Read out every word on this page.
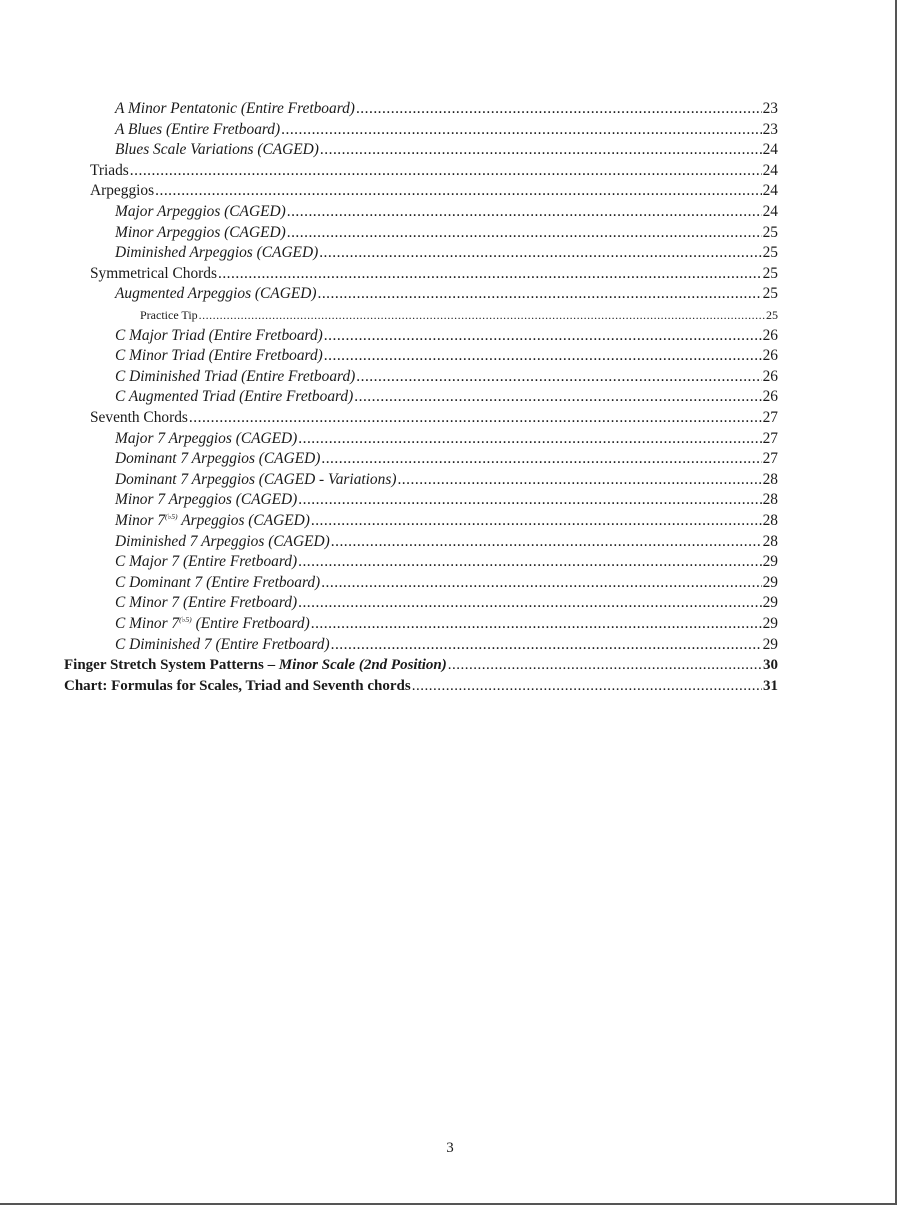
A Minor Pentatonic (Entire Fretboard) .....	23
A Blues (Entire Fretboard) .....	23
Blues Scale Variations (CAGED) .....	24
Triads .....	24
Arpeggios .....	24
Major Arpeggios (CAGED) .....	24
Minor Arpeggios (CAGED) .....	25
Diminished Arpeggios (CAGED) .....	25
Symmetrical Chords .....	25
Augmented Arpeggios (CAGED) .....	25
Practice Tip .....	25
C Major Triad (Entire Fretboard) .....	26
C Minor Triad (Entire Fretboard) .....	26
C Diminished Triad (Entire Fretboard) .....	26
C Augmented Triad (Entire Fretboard) .....	26
Seventh Chords .....	27
Major 7 Arpeggios (CAGED) .....	27
Dominant 7 Arpeggios (CAGED) .....	27
Dominant 7 Arpeggios (CAGED - Variations) .....	28
Minor 7 Arpeggios (CAGED) .....	28
Minor $7^{(♭5)}$ Arpeggios (CAGED) .....	28
Diminished 7 Arpeggios (CAGED) .....	28
C Major 7 (Entire Fretboard) .....	29
C Dominant 7 (Entire Fretboard) .....	29
C Minor 7 (Entire Fretboard) .....	29
C Minor $7^{(♭5)}$ (Entire Fretboard) .....	29
C Diminished 7 (Entire Fretboard) .....	29
Finger Stretch System Patterns – Minor Scale (2nd Position) .....	30
Chart: Formulas for Scales, Triad and Seventh chords .....	31
3
